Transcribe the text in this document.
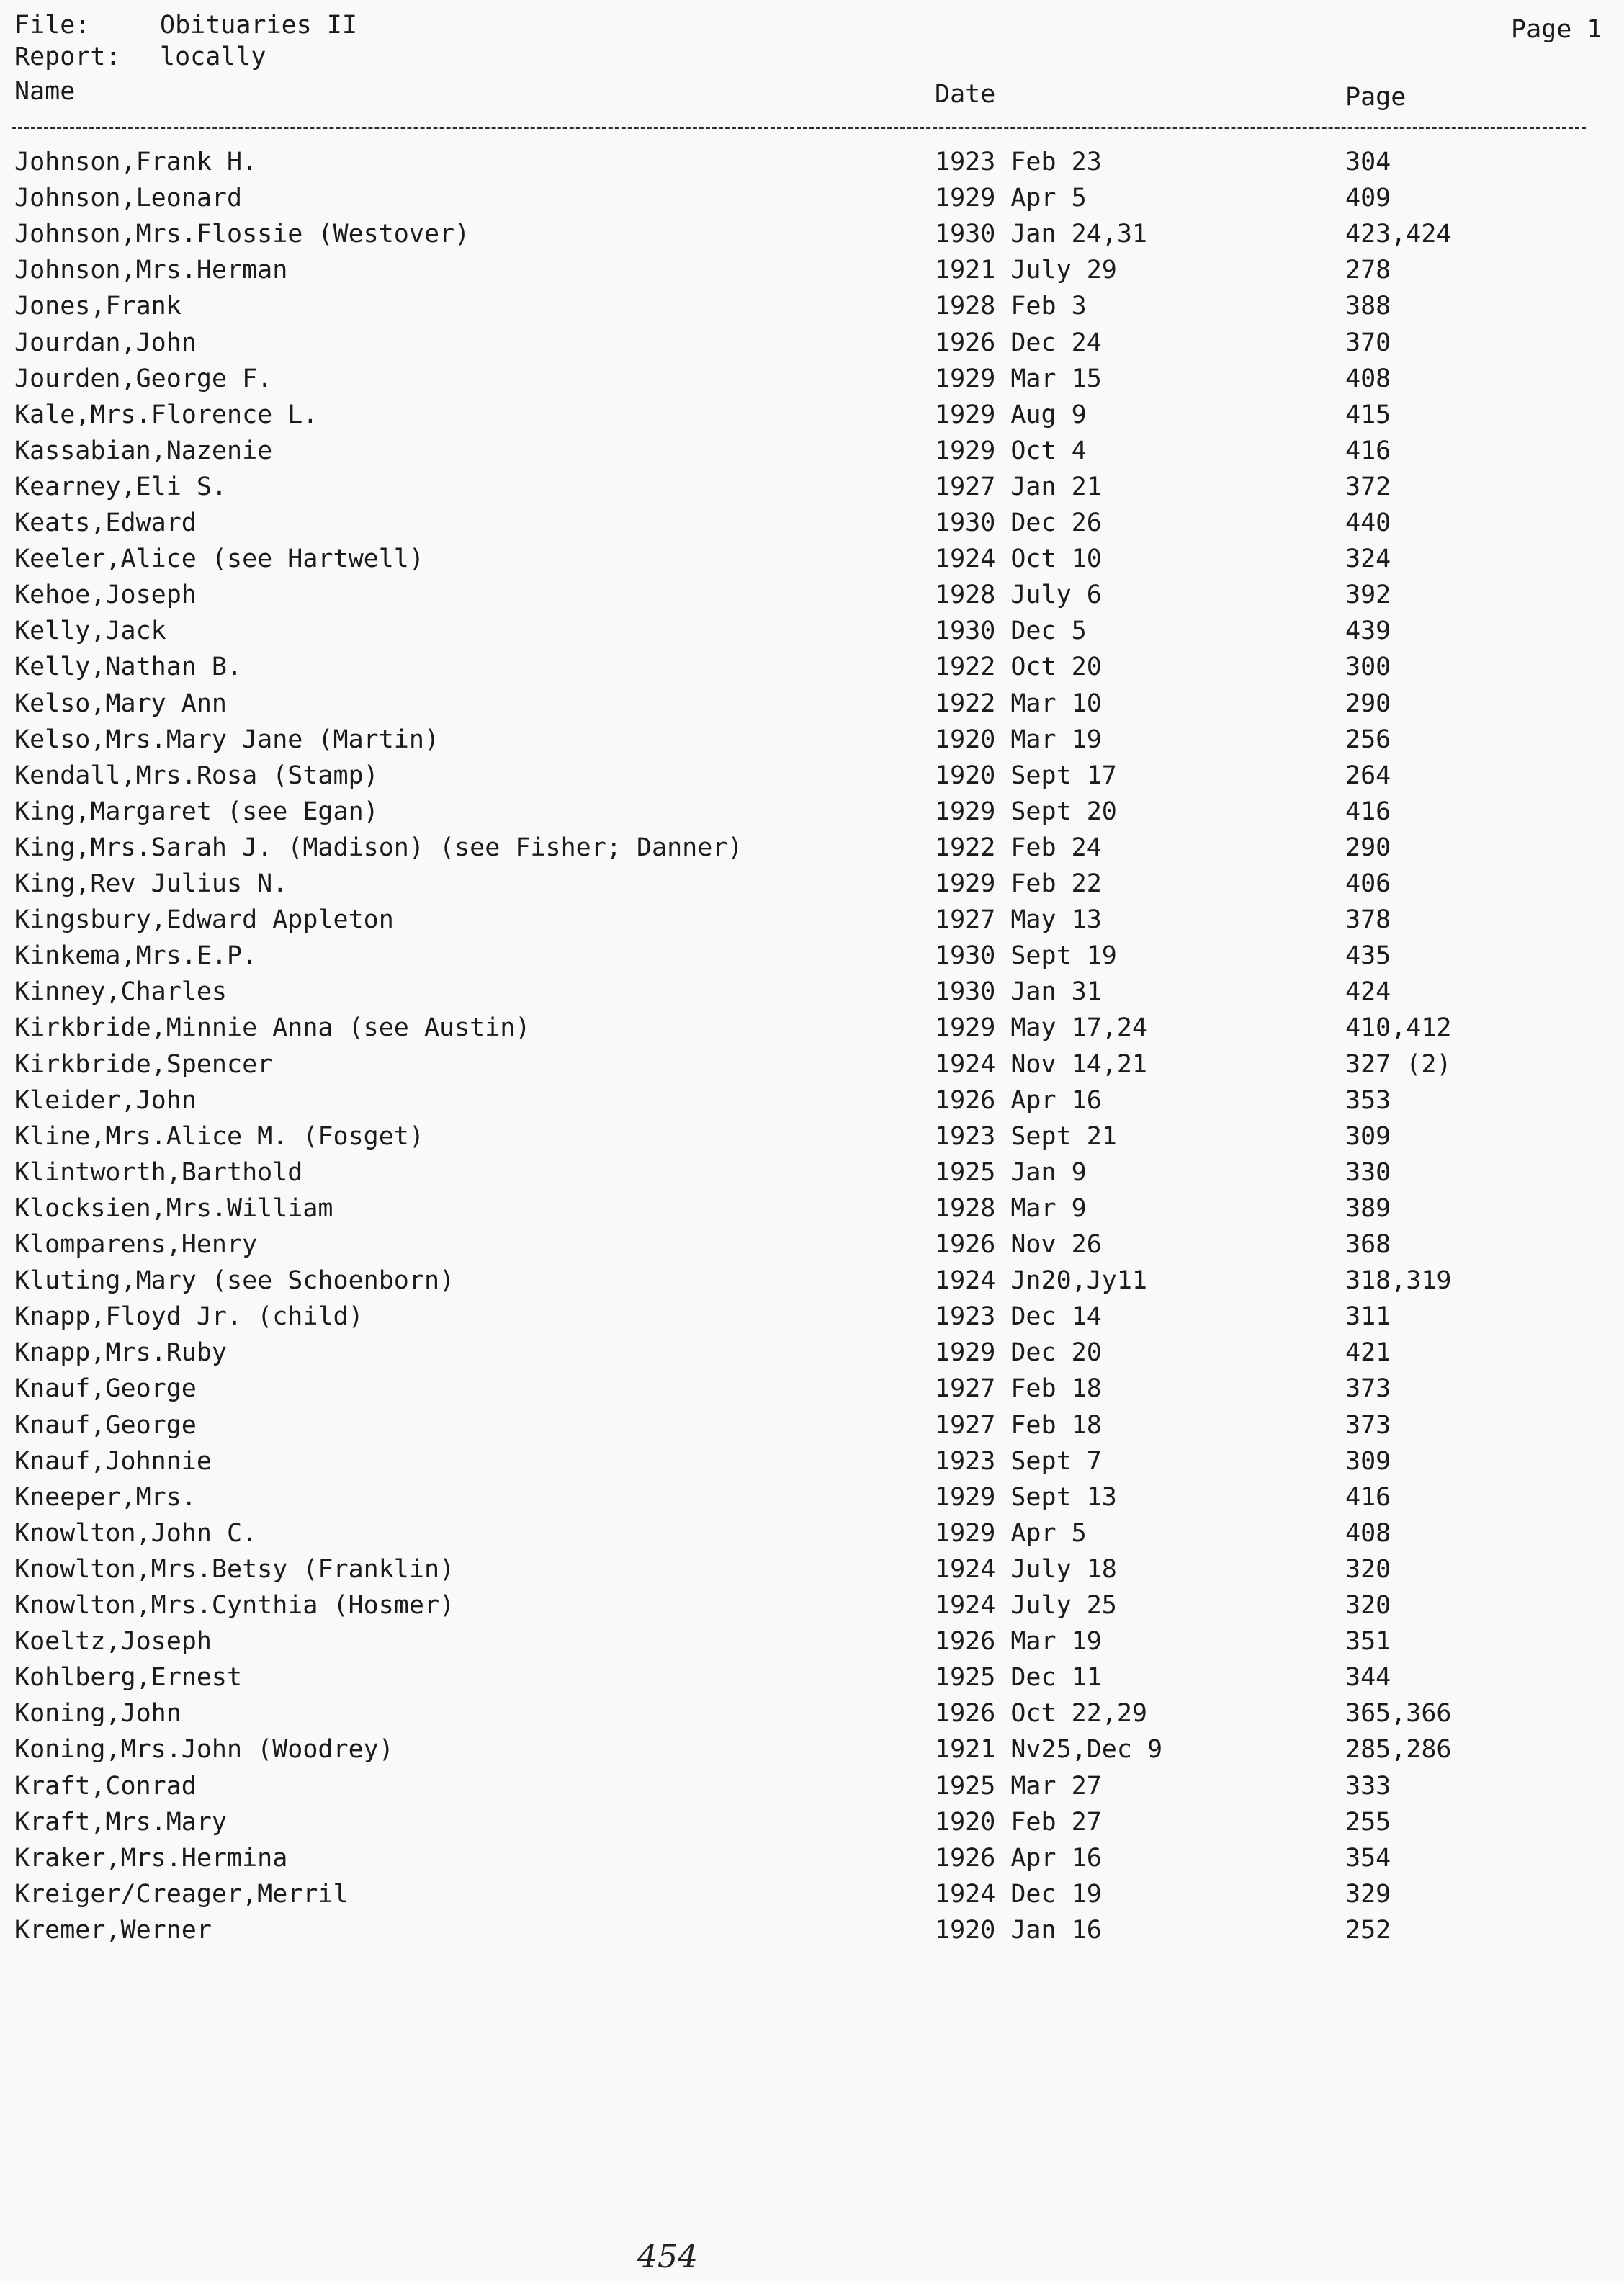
File:	Obituaries II	Page 1
Report: locally
Name	Date	Page
Johnson,Frank H.	1923 Feb 23	304
Johnson,Leonard	1929 Apr 5	409
Johnson,Mrs.Flossie (Westover)	1930 Jan 24,31	423,424
Johnson,Mrs.Herman	1921 July 29	278
Jones,Frank	1928 Feb 3	388
Jourdan,John	1926 Dec 24	370
Jourden,George F.	1929 Mar 15	408
Kale,Mrs.Florence L.	1929 Aug 9	415
Kassabian,Nazenie	1929 Oct 4	416
Kearney,Eli S.	1927 Jan 21	372
Keats,Edward	1930 Dec 26	440
Keeler,Alice (see Hartwell)	1924 Oct 10	324
Kehoe,Joseph	1928 July 6	392
Kelly,Jack	1930 Dec 5	439
Kelly,Nathan B.	1922 Oct 20	300
Kelso,Mary Ann	1922 Mar 10	290
Kelso,Mrs.Mary Jane (Martin)	1920 Mar 19	256
Kendall,Mrs.Rosa (Stamp)	1920 Sept 17	264
King,Margaret (see Egan)	1929 Sept 20	416
King,Mrs.Sarah J. (Madison) (see Fisher; Danner)	1922 Feb 24	290
King,Rev Julius N.	1929 Feb 22	406
Kingsbury,Edward Appleton	1927 May 13	378
Kinkema,Mrs.E.P.	1930 Sept 19	435
Kinney,Charles	1930 Jan 31	424
Kirkbride,Minnie Anna (see Austin)	1929 May 17,24	410,412
Kirkbride,Spencer	1924 Nov 14,21	327 (2)
Kleider,John	1926 Apr 16	353
Kline,Mrs.Alice M. (Fosget)	1923 Sept 21	309
Klintworth,Barthold	1925 Jan 9	330
Klocksien,Mrs.William	1928 Mar 9	389
Klomparens,Henry	1926 Nov 26	368
Kluting,Mary (see Schoenborn)	1924 Jn20,Jy11	318,319
Knapp,Floyd Jr. (child)	1923 Dec 14	311
Knapp,Mrs.Ruby	1929 Dec 20	421
Knauf,George	1927 Feb 18	373
Knauf,George	1927 Feb 18	373
Knauf,Johnnie	1923 Sept 7	309
Kneeper,Mrs.	1929 Sept 13	416
Knowlton,John C.	1929 Apr 5	408
Knowlton,Mrs.Betsy (Franklin)	1924 July 18	320
Knowlton,Mrs.Cynthia (Hosmer)	1924 July 25	320
Koeltz,Joseph	1926 Mar 19	351
Kohlberg,Ernest	1925 Dec 11	344
Koning,John	1926 Oct 22,29	365,366
Koning,Mrs.John (Woodrey)	1921 Nv25,Dec 9	285,286
Kraft,Conrad	1925 Mar 27	333
Kraft,Mrs.Mary	1920 Feb 27	255
Kraker,Mrs.Hermina	1926 Apr 16	354
Kreiger/Creager,Merril	1924 Dec 19	329
Kremer,Werner	1920 Jan 16	252
454
